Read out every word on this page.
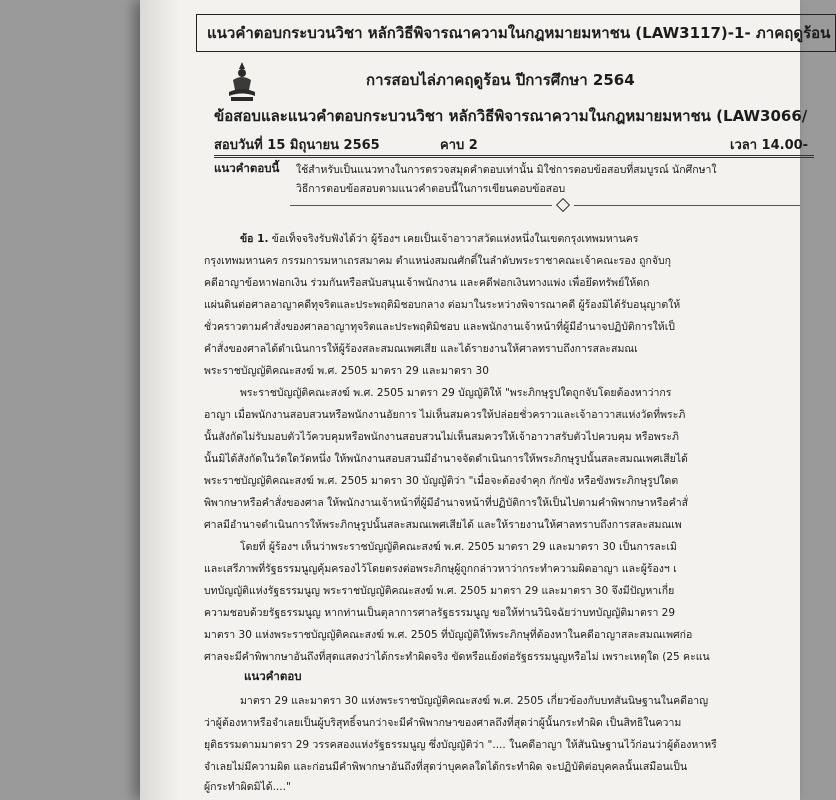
แนวคำตอบกระบวนวิชา หลักวิธีพิจารณาความในกฎหมายมหาชน (LAW3117)-1- ภาคฤดูร้อน
การสอบไล่ภาคฤดูร้อน ปีการศึกษา 2564
ข้อสอบและแนวคำตอบกระบวนวิชา หลักวิธีพิจารณาความในกฎหมายมหาชน (LAW3066/
สอบวันที่ 15 มิถุนายน 2565	คาบ 2	เวลา 14.00-
แนวคำตอบนี้ ใช้สำหรับเป็นแนวทางในการตรวจสมุดคำตอบเท่านั้น มิใช่การตอบข้อสอบที่สมบูรณ์ นักศึกษาใ
วิธีการตอบข้อสอบตามแนวคำตอบนี้ในการเขียนตอบข้อสอบ
ข้อ 1. ข้อเท็จจริงรับฟังได้ว่า ผู้ร้องฯ เคยเป็นเจ้าอาวาสวัดแห่งหนึ่งในเขตกรุงเทพมหานคร
กรุงเทพมหานคร กรรมการมหาเถรสมาคม ตำแหน่งสมณศักดิ์ในลำดับพระราชาคณะเจ้าคณะรอง ถูกจับกุ
คดีอาญาข้อหาฟอกเงิน ร่วมกันหรือสนับสนุนเจ้าพนักงาน และคดีฟอกเงินทางแพ่ง เพื่อยึดทรัพย์ให้ตก
แผ่นดินต่อศาลอาญาคดีทุจริตและประพฤติมิชอบกลาง ต่อมาในระหว่างพิจารณาคดี ผู้ร้องมิได้รับอนุญาตให้
ชั่วคราวตามคำสั่งของศาลอาญาทุจริตและประพฤติมิชอบ และพนักงานเจ้าหน้าที่ผู้มีอำนาจปฏิบัติการให้เป็
คำสั่งของศาลได้ดำเนินการให้ผู้ร้องสละสมณเพศเสีย และได้รายงานให้ศาลทราบถึงการสละสมณเ
พระราชบัญญัติคณะสงฆ์ พ.ศ. 2505 มาตรา 29 และมาตรา 30
พระราชบัญญัติคณะสงฆ์ พ.ศ. 2505 มาตรา 29 บัญญัติให้ "พระภิกษุรูปใดถูกจับโดยต้องหาว่ากร
อาญา เมื่อพนักงานสอบสวนหรือพนักงานอัยการ ไม่เห็นสมควรให้ปล่อยชั่วคราวและเจ้าอาวาสแห่งวัดที่พระภิ
นั้นสังกัดไม่รับมอบตัวไว้ควบคุมหรือพนักงานสอบสวนไม่เห็นสมควรให้เจ้าอาวาสรับตัวไปควบคุม หรือพระภิ
นั้นมิได้สังกัดในวัดใดวัดหนึ่ง ให้พนักงานสอบสวนมีอำนาจจัดดำเนินการให้พระภิกษุรูปนั้นสละสมณเพศเสียได้
พระราชบัญญัติคณะสงฆ์ พ.ศ. 2505 มาตรา 30 บัญญัติว่า "เมื่อจะต้องจำคุก กักขัง หรือขังพระภิกษุรูปใดต
พิพากษาหรือคำสั่งของศาล ให้พนักงานเจ้าหน้าที่ผู้มีอำนาจหน้าที่ปฏิบัติการให้เป็นไปตามคำพิพากษาหรือคำสั่
ศาลมีอำนาจดำเนินการให้พระภิกษุรูปนั้นสละสมณเพศเสียได้ และให้รายงานให้ศาลทราบถึงการสละสมณเพ
โดยที่ ผู้ร้องฯ เห็นว่าพระราชบัญญัติคณะสงฆ์ พ.ศ. 2505 มาตรา 29 และมาตรา 30 เป็นการละเมิ
และเสรีภาพที่รัฐธรรมนูญคุ้มครองไว้โดยตรงต่อพระภิกษุผู้ถูกกล่าวหาว่ากระทำความผิดอาญา และผู้ร้องฯ เ
บทบัญญัติแห่งรัฐธรรมนูญ พระราชบัญญัติคณะสงฆ์ พ.ศ. 2505 มาตรา 29 และมาตรา 30 จึงมีปัญหาเกี่ย
ความชอบด้วยรัฐธรรมนูญ หากท่านเป็นตุลาการศาลรัฐธรรมนูญ ขอให้ท่านวินิจฉัยว่าบทบัญญัติมาตรา 29
มาตรา 30 แห่งพระราชบัญญัติคณะสงฆ์ พ.ศ. 2505 ที่บัญญัติให้พระภิกษุที่ต้องหาในคดีอาญาสละสมณเพศก่อ
ศาลจะมีคำพิพากษาอันถึงที่สุดแสดงว่าได้กระทำผิดจริง ขัดหรือแย้งต่อรัฐธรรมนูญหรือไม่ เพราะเหตุใด (25 คะแน
แนวคำตอบ
มาตรา 29 และมาตรา 30 แห่งพระราชบัญญัติคณะสงฆ์ พ.ศ. 2505 เกี่ยวข้องกับบทสันนิษฐานในคดีอาญ
ว่าผู้ต้องหาหรือจำเลยเป็นผู้บริสุทธิ์จนกว่าจะมีคำพิพากษาของศาลถึงที่สุดว่าผู้นั้นกระทำผิด เป็นสิทธิในความ
ยุติธรรมตามมาตรา 29 วรรคสองแห่งรัฐธรรมนูญ ซึ่งบัญญัติว่า ".... ในคดีอาญา ให้สันนิษฐานไว้ก่อนว่าผู้ต้องหาหรื
จำเลยไม่มีความผิด และก่อนมีคำพิพากษาอันถึงที่สุดว่าบุคคลใดได้กระทำผิด จะปฏิบัติต่อบุคคลนั้นเสมือนเป็น
ผู้กระทำผิดมิได้...."
